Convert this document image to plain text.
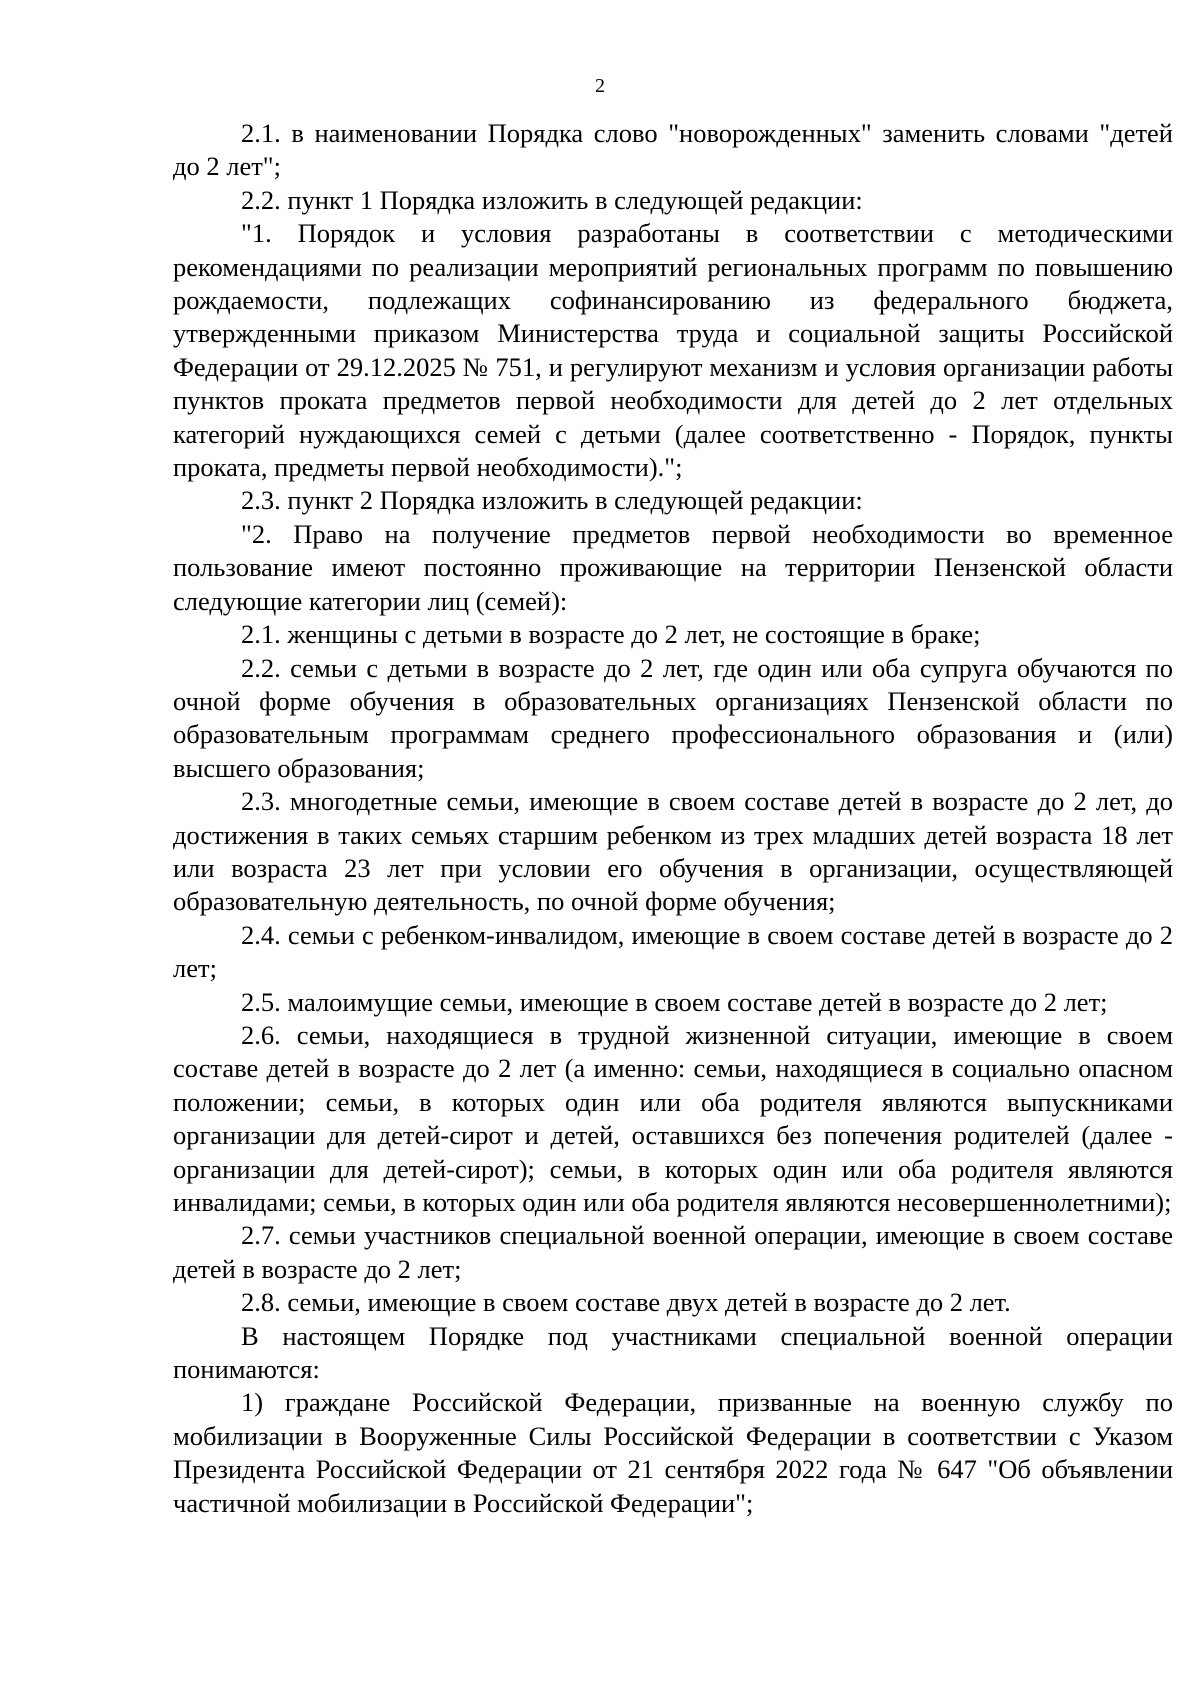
2

2.1. в наименовании Порядка слово "новорожденных" заменить словами "детей до 2 лет";

2.2. пункт 1 Порядка изложить в следующей редакции:

"1. Порядок и условия разработаны в соответствии с методическими рекомендациями по реализации мероприятий региональных программ по повышению рождаемости, подлежащих софинансированию из федерального бюджета, утвержденными приказом Министерства труда и социальной защиты Российской Федерации от 29.12.2025 № 751, и регулируют механизм и условия организации работы пунктов проката предметов первой необходимости для детей до 2 лет отдельных категорий нуждающихся семей с детьми (далее соответственно - Порядок, пункты проката, предметы первой необходимости).";

2.3. пункт 2 Порядка изложить в следующей редакции:

"2. Право на получение предметов первой необходимости во временное пользование имеют постоянно проживающие на территории Пензенской области следующие категории лиц (семей):

2.1. женщины с детьми в возрасте до 2 лет, не состоящие в браке;

2.2. семьи с детьми в возрасте до 2 лет, где один или оба супруга обучаются по очной форме обучения в образовательных организациях Пензенской области по образовательным программам среднего профессионального образования и (или) высшего образования;

2.3. многодетные семьи, имеющие в своем составе детей в возрасте до 2 лет, до достижения в таких семьях старшим ребенком из трех младших детей возраста 18 лет или возраста 23 лет при условии его обучения в организации, осуществляющей образовательную деятельность, по очной форме обучения;

2.4. семьи с ребенком-инвалидом, имеющие в своем составе детей в возрасте до 2 лет;

2.5. малоимущие семьи, имеющие в своем составе детей в возрасте до 2 лет;

2.6. семьи, находящиеся в трудной жизненной ситуации, имеющие в своем составе детей в возрасте до 2 лет (а именно: семьи, находящиеся в социально опасном положении; семьи, в которых один или оба родителя являются выпускниками организации для детей-сирот и детей, оставшихся без попечения родителей (далее - организации для детей-сирот); семьи, в которых один или оба родителя являются инвалидами; семьи, в которых один или оба родителя являются несовершеннолетними);

2.7. семьи участников специальной военной операции, имеющие в своем составе детей в возрасте до 2 лет;

2.8. семьи, имеющие в своем составе двух детей в возрасте до 2 лет.

В настоящем Порядке под участниками специальной военной операции понимаются:

1) граждане Российской Федерации, призванные на военную службу по мобилизации в Вооруженные Силы Российской Федерации в соответствии с Указом Президента Российской Федерации от 21 сентября 2022 года № 647 "Об объявлении частичной мобилизации в Российской Федерации";
